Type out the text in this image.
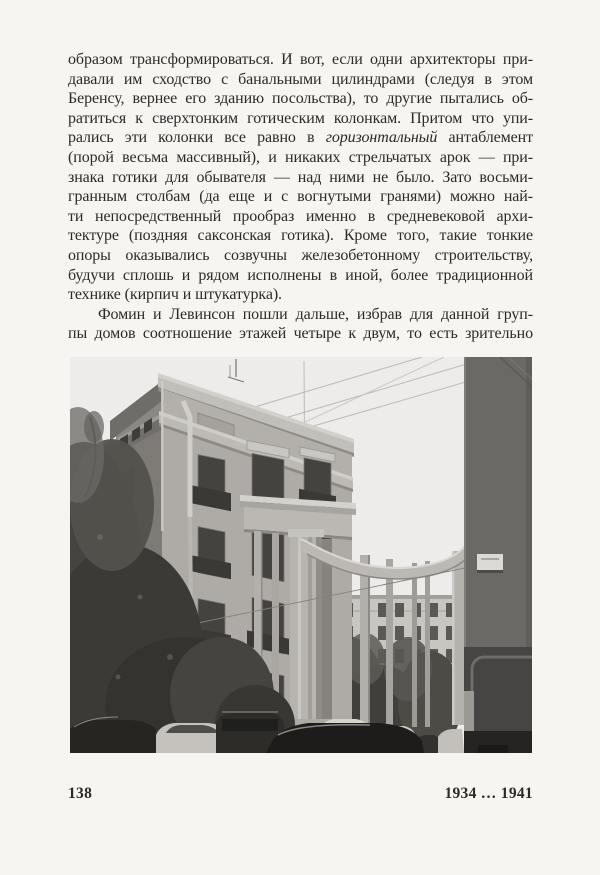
образом трансформироваться. И вот, если одни архитекторы при-
давали им сходство с банальными цилиндрами (следуя в этом
Беренсу, вернее его зданию посольства), то другие пытались об-
ратиться к сверхтонким готическим колонкам. Притом что упи-
рались эти колонки все равно в горизонтальный антаблемент
(порой весьма массивный), и никаких стрельчатых арок — при-
знака готики для обывателя — над ними не было. Зато восьми-
гранным столбам (да еще и с вогнутыми гранями) можно най-
ти непосредственный прообраз именно в средневековой архи-
тектуре (поздняя саксонская готика). Кроме того, такие тонкие
опоры оказывались созвучны железобетонному строительству,
будучи сплошь и рядом исполнены в иной, более традиционной
технике (кирпич и штукатурка).
Фомин и Левинсон пошли дальше, избрав для данной груп-
пы домов соотношение этажей четыре к двум, то есть зрительно
138	1934 … 1941
